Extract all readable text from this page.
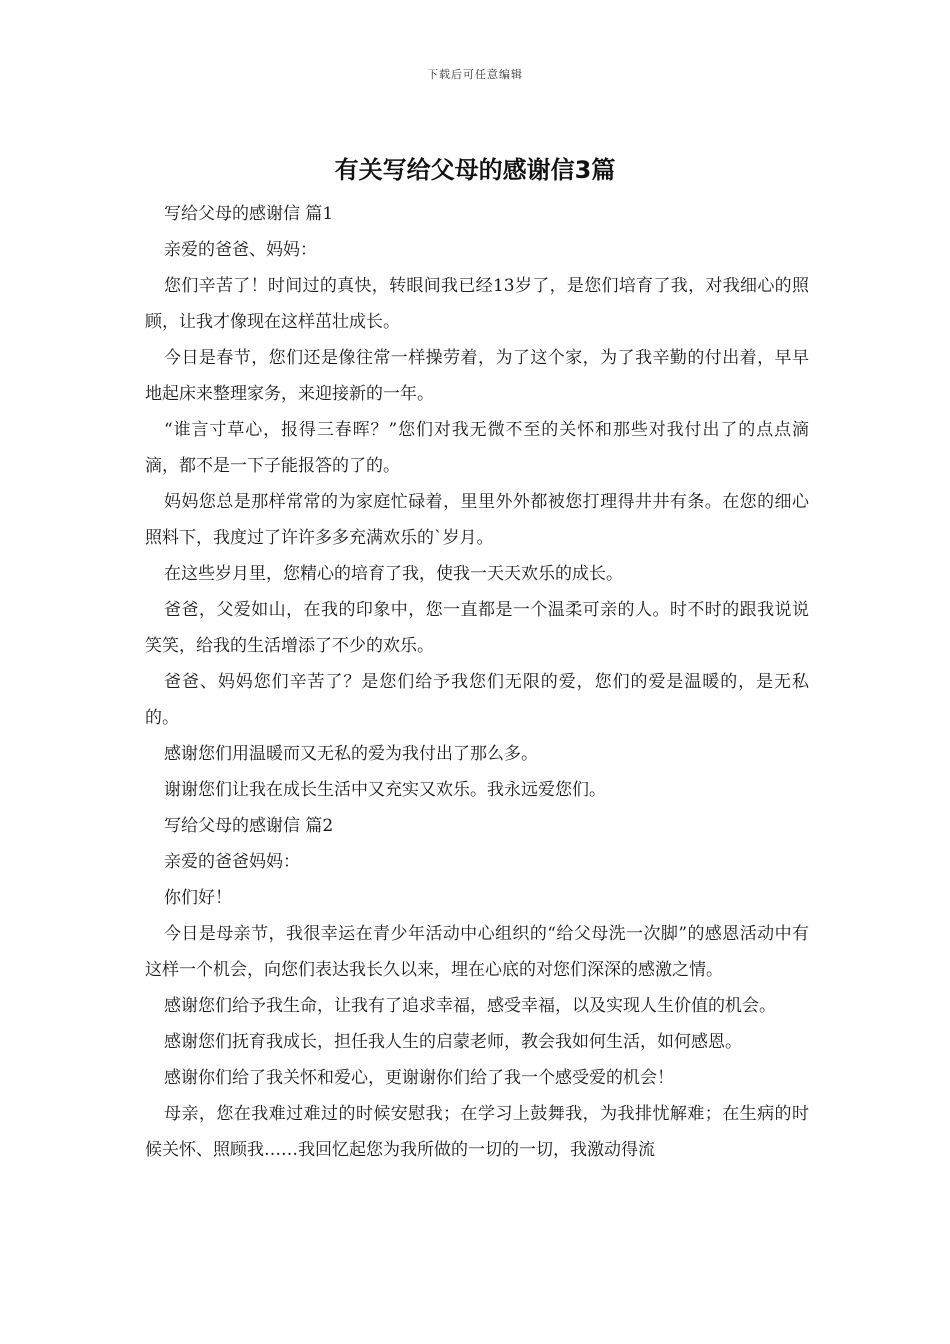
下载后可任意编辑
有关写给父母的感谢信3篇

写给父母的感谢信 篇1

亲爱的爸爸、妈妈：

您们辛苦了！时间过的真快，转眼间我已经13岁了，是您们培育了我，对我细心的照顾，让我才像现在这样茁壮成长。

今日是春节，您们还是像往常一样操劳着，为了这个家，为了我辛勤的付出着，早早地起床来整理家务，来迎接新的一年。

“谁言寸草心，报得三春晖？”您们对我无微不至的关怀和那些对我付出了的点点滴滴，都不是一下子能报答的了的。

妈妈您总是那样常常的为家庭忙碌着，里里外外都被您打理得井井有条。在您的细心照料下，我度过了许许多多充满欢乐的`岁月。

在这些岁月里，您精心的培育了我，使我一天天欢乐的成长。

爸爸，父爱如山，在我的印象中，您一直都是一个温柔可亲的人。时不时的跟我说说笑笑，给我的生活增添了不少的欢乐。

爸爸、妈妈您们辛苦了？是您们给予我您们无限的爱，您们的爱是温暖的，是无私的。

感谢您们用温暖而又无私的爱为我付出了那么多。

谢谢您们让我在成长生活中又充实又欢乐。我永远爱您们。

写给父母的感谢信 篇2

亲爱的爸爸妈妈：

你们好！

今日是母亲节，我很幸运在青少年活动中心组织的“给父母洗一次脚”的感恩活动中有这样一个机会，向您们表达我长久以来，埋在心底的对您们深深的感激之情。

感谢您们给予我生命，让我有了追求幸福，感受幸福，以及实现人生价值的机会。

感谢您们抚育我成长，担任我人生的启蒙老师，教会我如何生活，如何感恩。

感谢你们给了我关怀和爱心，更谢谢你们给了我一个感受爱的机会！

母亲，您在我难过难过的时候安慰我；在学习上鼓舞我，为我排忧解难；在生病的时候关怀、照顾我……我回忆起您为我所做的一切的一切，我激动得流
